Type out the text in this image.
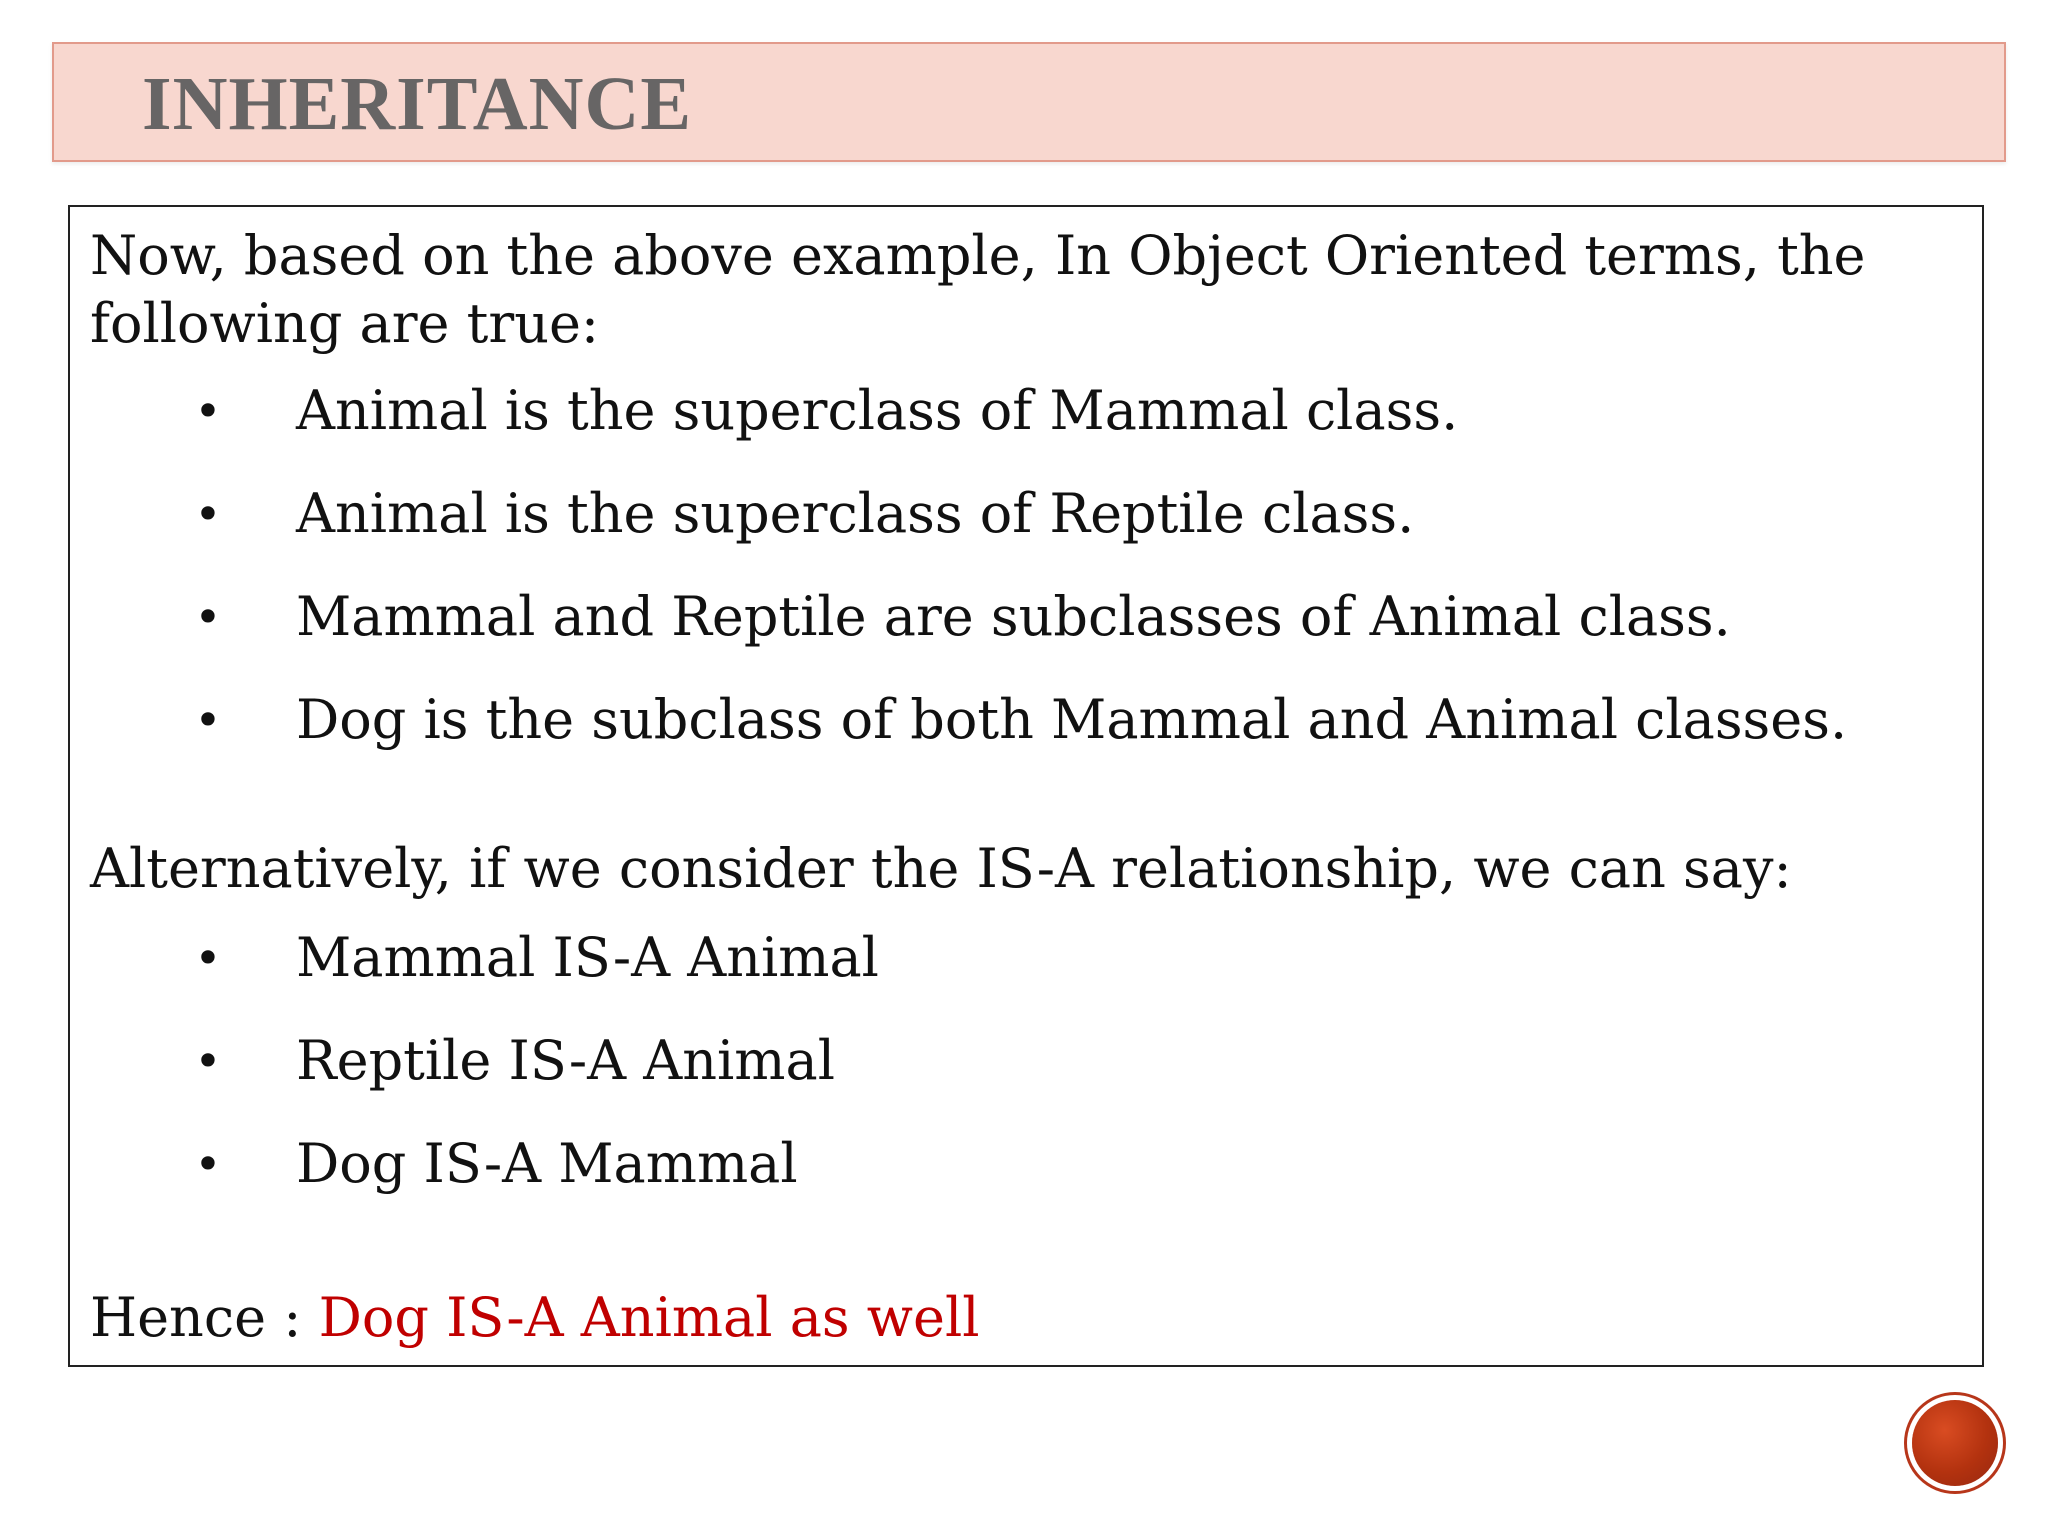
INHERITANCE
Now, based on the above example, In Object Oriented terms, the
following are true:
• Animal is the superclass of Mammal class.
• Animal is the superclass of Reptile class.
• Mammal and Reptile are subclasses of Animal class.
• Dog is the subclass of both Mammal and Animal classes.
Alternatively, if we consider the IS-A relationship, we can say:
• Mammal IS-A Animal
• Reptile IS-A Animal
• Dog IS-A Mammal
Hence : Dog IS-A Animal as well
